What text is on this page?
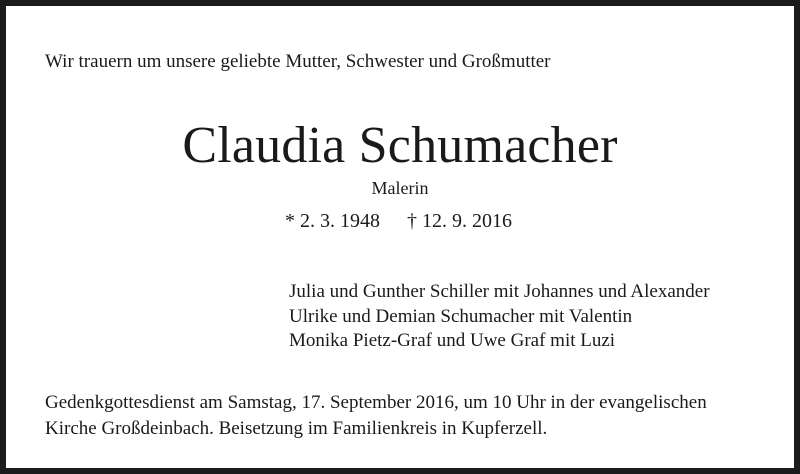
Wir trauern um unsere geliebte Mutter, Schwester und Großmutter
Claudia Schumacher
Malerin
* 2. 3. 1948 † 12. 9. 2016
Julia und Gunther Schiller mit Johannes und Alexander
Ulrike und Demian Schumacher mit Valentin
Monika Pietz-Graf und Uwe Graf mit Luzi
Gedenkgottesdienst am Samstag, 17. September 2016, um 10 Uhr in der evangelischen
Kirche Großdeinbach. Beisetzung im Familienkreis in Kupferzell.
